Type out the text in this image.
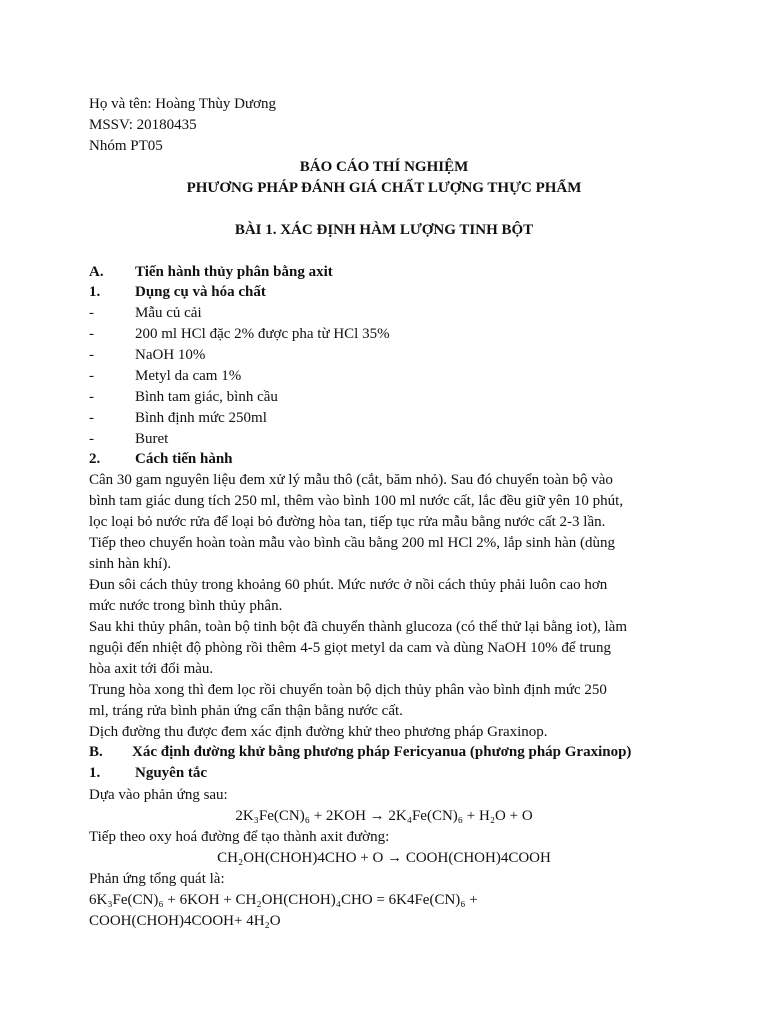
Họ và tên: Hoàng Thùy Dương
MSSV: 20180435
Nhóm PT05
BÁO CÁO THÍ NGHIỆM
PHƯƠNG PHÁP ĐÁNH GIÁ CHẤT LƯỢNG THỰC PHẨM
BÀI 1. XÁC ĐỊNH HÀM LƯỢNG TINH BỘT
A. Tiến hành thủy phân bằng axit
1. Dụng cụ và hóa chất
-	Mẫu củ cải
-	200 ml HCl đặc 2% được pha từ HCl 35%
-	NaOH 10%
-	Metyl da cam 1%
-	Bình tam giác, bình cầu
-	Bình định mức 250ml
-	Buret
2. Cách tiến hành
Cân 30 gam nguyên liệu đem xử lý mẫu thô (cắt, băm nhỏ). Sau đó chuyển toàn bộ vào
bình tam giác dung tích 250 ml, thêm vào bình 100 ml nước cất, lắc đều giữ yên 10 phút,
lọc loại bỏ nước rửa để loại bỏ đường hòa tan, tiếp tục rửa mẫu bằng nước cất 2-3 lần.
Tiếp theo chuyển hoàn toàn mẫu vào bình cầu bằng 200 ml HCl 2%, lắp sinh hàn (dùng
sinh hàn khí).
Đun sôi cách thủy trong khoảng 60 phút. Mức nước ở nồi cách thủy phải luôn cao hơn
mức nước trong bình thủy phân.
Sau khi thủy phân, toàn bộ tinh bột đã chuyển thành glucoza (có thể thử lại bằng iot), làm
nguội đến nhiệt độ phòng rồi thêm 4-5 giọt metyl da cam và dùng NaOH 10% để trung
hòa axit tới đổi màu.
Trung hòa xong thì đem lọc rồi chuyển toàn bộ dịch thủy phân vào bình định mức 250
ml, tráng rửa bình phản ứng cẩn thận bằng nước cất.
Dịch đường thu được đem xác định đường khử theo phương pháp Graxinop.
B. Xác định đường khử bằng phương pháp Fericyanua (phương pháp Graxinop)
1. Nguyên tắc
Dựa vào phản ứng sau:
2K₃Fe(CN)₆ + 2KOH → 2K₄Fe(CN)₆ + H₂O + O
Tiếp theo oxy hoá đường để tạo thành axit đường:
CH₂OH(CHOH)4CHO + O → COOH(CHOH)4COOH
Phản ứng tổng quát là:
6K₃Fe(CN)₆ + 6KOH + CH₂OH(CHOH)₄CHO = 6K4Fe(CN)₆ +
COOH(CHOH)4COOH+ 4H₂O
